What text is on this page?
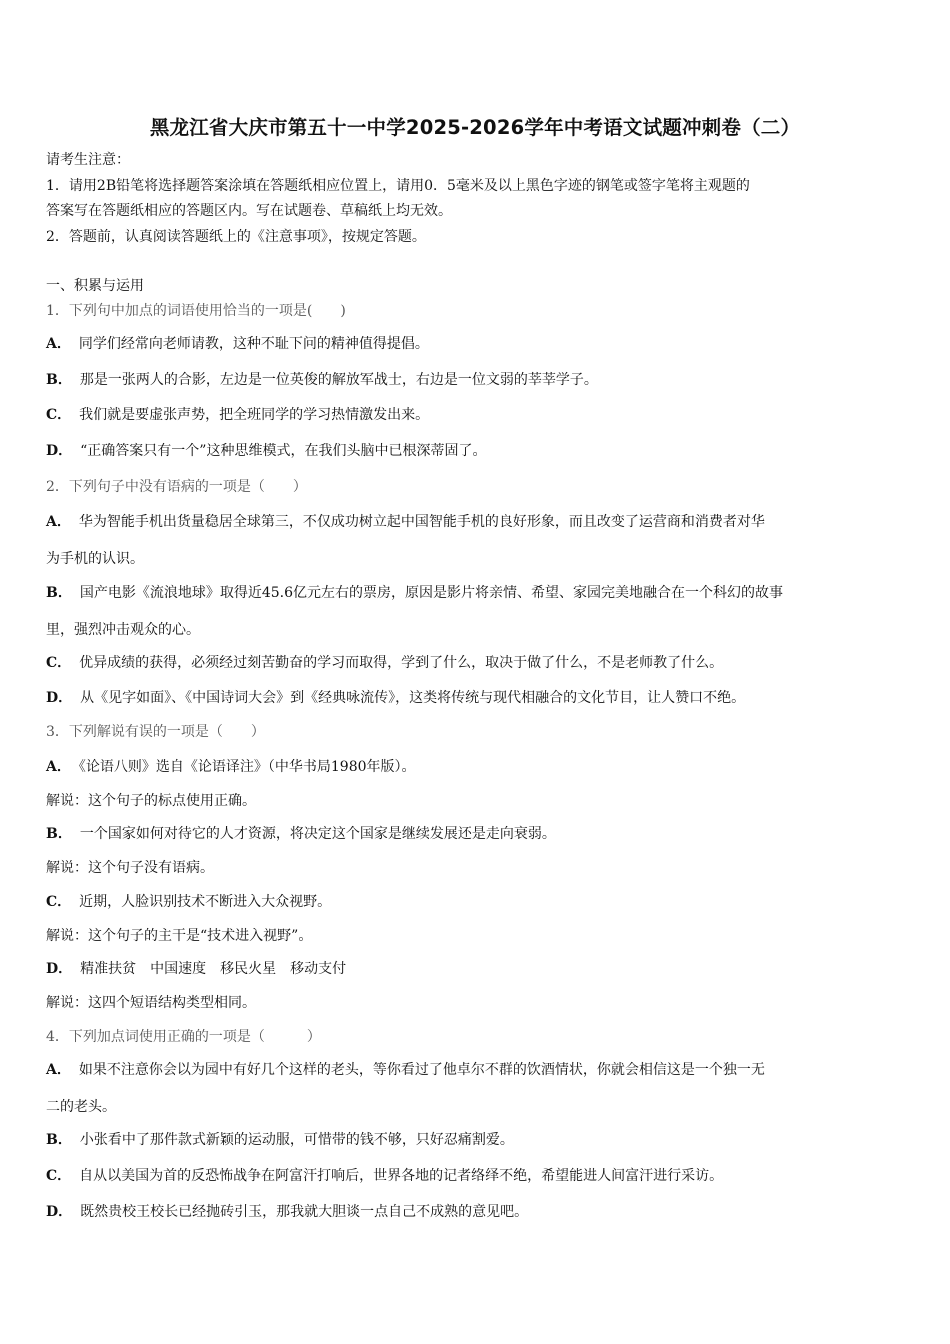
黑龙江省大庆市第五十一中学2025-2026学年中考语文试题冲刺卷（二）
请考生注意：
1．请用2B铅笔将选择题答案涂填在答题纸相应位置上，请用0．5毫米及以上黑色字迹的钢笔或签字笔将主观题的
答案写在答题纸相应的答题区内。写在试题卷、草稿纸上均无效。
2．答题前，认真阅读答题纸上的《注意事项》，按规定答题。
一、积累与运用
1．下列句中加点的词语使用恰当的一项是(　　)
A． 同学们经常向老师请教，这种不耻下问的精神值得提倡。
B． 那是一张两人的合影，左边是一位英俊的解放军战士，右边是一位文弱的莘莘学子。
C． 我们就是要虚张声势，把全班同学的学习热情激发出来。
D． “正确答案只有一个”这种思维模式，在我们头脑中已根深蒂固了。
2．下列句子中没有语病的一项是（　　）
A． 华为智能手机出货量稳居全球第三，不仅成功树立起中国智能手机的良好形象，而且改变了运营商和消费者对华
为手机的认识。
B． 国产电影《流浪地球》取得近45.6亿元左右的票房，原因是影片将亲情、希望、家园完美地融合在一个科幻的故事
里，强烈冲击观众的心。
C． 优异成绩的获得，必须经过刻苦勤奋的学习而取得，学到了什么，取决于做了什么，不是老师教了什么。
D． 从《见字如面》、《中国诗词大会》到《经典咏流传》，这类将传统与现代相融合的文化节目，让人赞口不绝。
3．下列解说有误的一项是（　　）
A． 《论语八则》选自《论语译注》（中华书局1980年版）。
解说：这个句子的标点使用正确。
B． 一个国家如何对待它的人才资源，将决定这个国家是继续发展还是走向衰弱。
解说：这个句子没有语病。
C． 近期，人脸识别技术不断进入大众视野。
解说：这个句子的主干是“技术进入视野”。
D． 精准扶贫 中国速度 移民火星 移动支付
解说：这四个短语结构类型相同。
4．下列加点词使用正确的一项是（　　　）
A． 如果不注意你会以为园中有好几个这样的老头，等你看过了他卓尔不群的饮酒情状，你就会相信这是一个独一无
二的老头。
B． 小张看中了那件款式新颖的运动服，可惜带的钱不够，只好忍痛割爱。
C． 自从以美国为首的反恐怖战争在阿富汗打响后，世界各地的记者络绎不绝，希望能进人间富汗进行采访。
D． 既然贵校王校长已经抛砖引玉，那我就大胆谈一点自己不成熟的意见吧。
